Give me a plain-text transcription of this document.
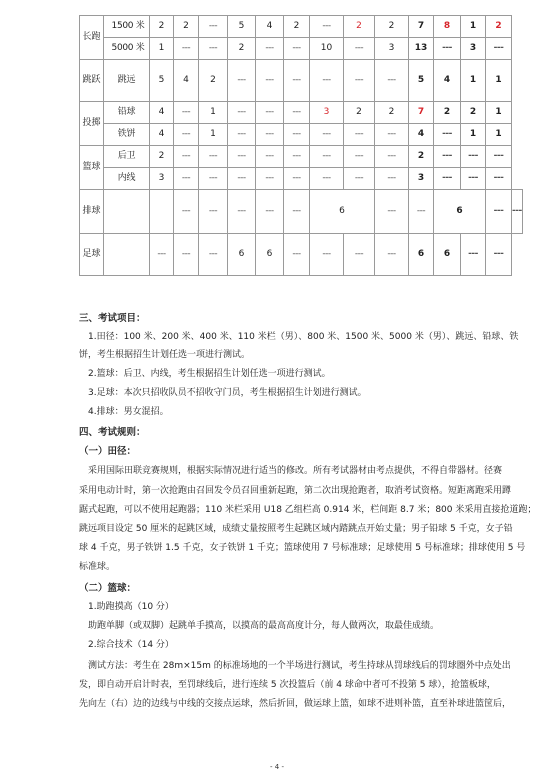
长跑	1500 米	2	2	---	5	4	2	---	2	2	7	8	1	2	
	5000 米	1	---	---	2	---	---	10	---	3	13	---	3	---	
跳跃	跳远	5	4	2	---	---	---	---	---	---	5	4	1	1	
投掷	铅球	4	---	1	---	---	---	3	2	2	7	2	2	1	
	铁饼	4	---	1	---	---	---	---	---	---	4	---	1	1	
篮球	后卫	2	---	---	---	---	---	---	---	---	2	---	---	---	
	内线	3	---	---	---	---	---	---	---	---	3	---	---	---	
排球			---	---	---	---	---	6		---	---	6		---	---
足球		---	---	---	6	6	---	---	---	---	6	6	---	---	
三、考试项目：
1.田径：100 米、200 米、400 米、110 米栏（男）、800 米、1500 米、5000 米（男）、跳远、铅球、铁
饼，考生根据招生计划任选一项进行测试。
2.篮球：后卫、内线，考生根据招生计划任选一项进行测试。
3.足球：本次只招收队员不招收守门员，考生根据招生计划进行测试。
4.排球：男女混招。
四、考试规则：
（一）田径：
采用国际田联竞赛规则，根据实际情况进行适当的修改。所有考试器材由考点提供，不得自带器材。径赛
采用电动计时，第一次抢跑由召回发令员召回重新起跑，第二次出现抢跑者，取消考试资格。短距离跑采用蹲
踞式起跑，可以不使用起跑器；110 米栏采用 U18 乙组栏高 0.914 米，栏间距 8.7 米；800 米采用直接抢道跑；
跳远项目设定 50 厘米的起跳区域，成绩丈量按照考生起跳区域内踏跳点开始丈量；男子铅球 5 千克，女子铅
球 4 千克，男子铁饼 1.5 千克，女子铁饼 1 千克；篮球使用 7 号标准球；足球使用 5 号标准球；排球使用 5 号
标准球。
（二）篮球：
1.助跑摸高（10 分）
助跑单脚（或双脚）起跳单手摸高，以摸高的最高高度计分，每人做两次，取最佳成绩。
2.综合技术（14 分）
测试方法：考生在 28m×15m 的标准场地的一个半场进行测试，考生持球从罚球线后的罚球圈外中点处出
发，即自动开启计时表，至罚球线后，进行连续 5 次投篮后（前 4 球命中者可不投第 5 球），抢篮板球，
先向左（右）边的边线与中线的交接点运球，然后折回，做运球上篮，如球不进则补篮，直至补球进篮筐后，
- 4 -
